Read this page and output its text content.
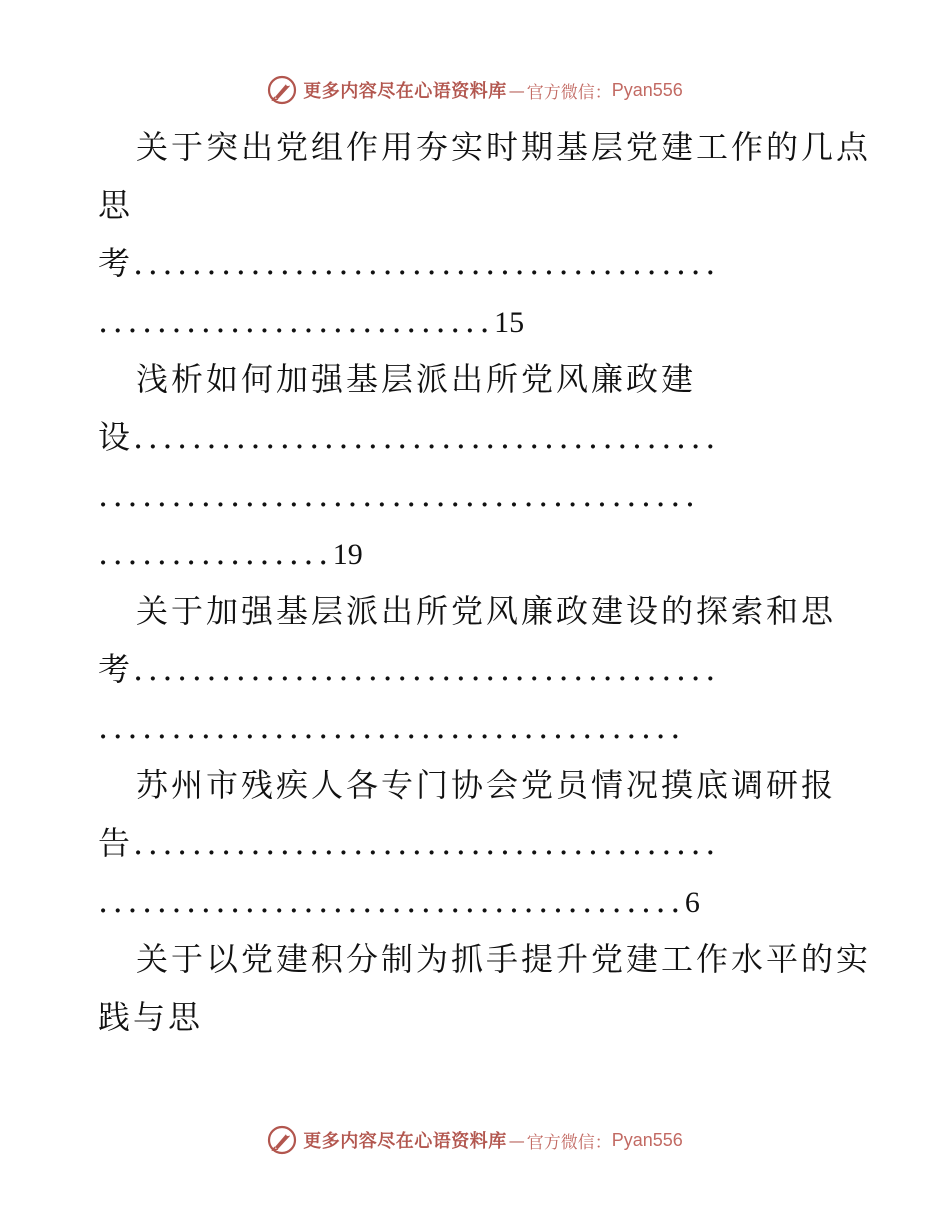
更多内容尽在心语资料库 — 官方微信： Pyan556
关于突出党组作用夯实时期基层党建工作的几点
思
考........................................
...........................15
浅析如何加强基层派出所党风廉政建
设........................................
.........................................
................19
关于加强基层派出所党风廉政建设的探索和思
考........................................
........................................
苏州市残疾人各专门协会党员情况摸底调研报
告........................................
........................................6
关于以党建积分制为抓手提升党建工作水平的实
践与思
更多内容尽在心语资料库 — 官方微信： Pyan556
